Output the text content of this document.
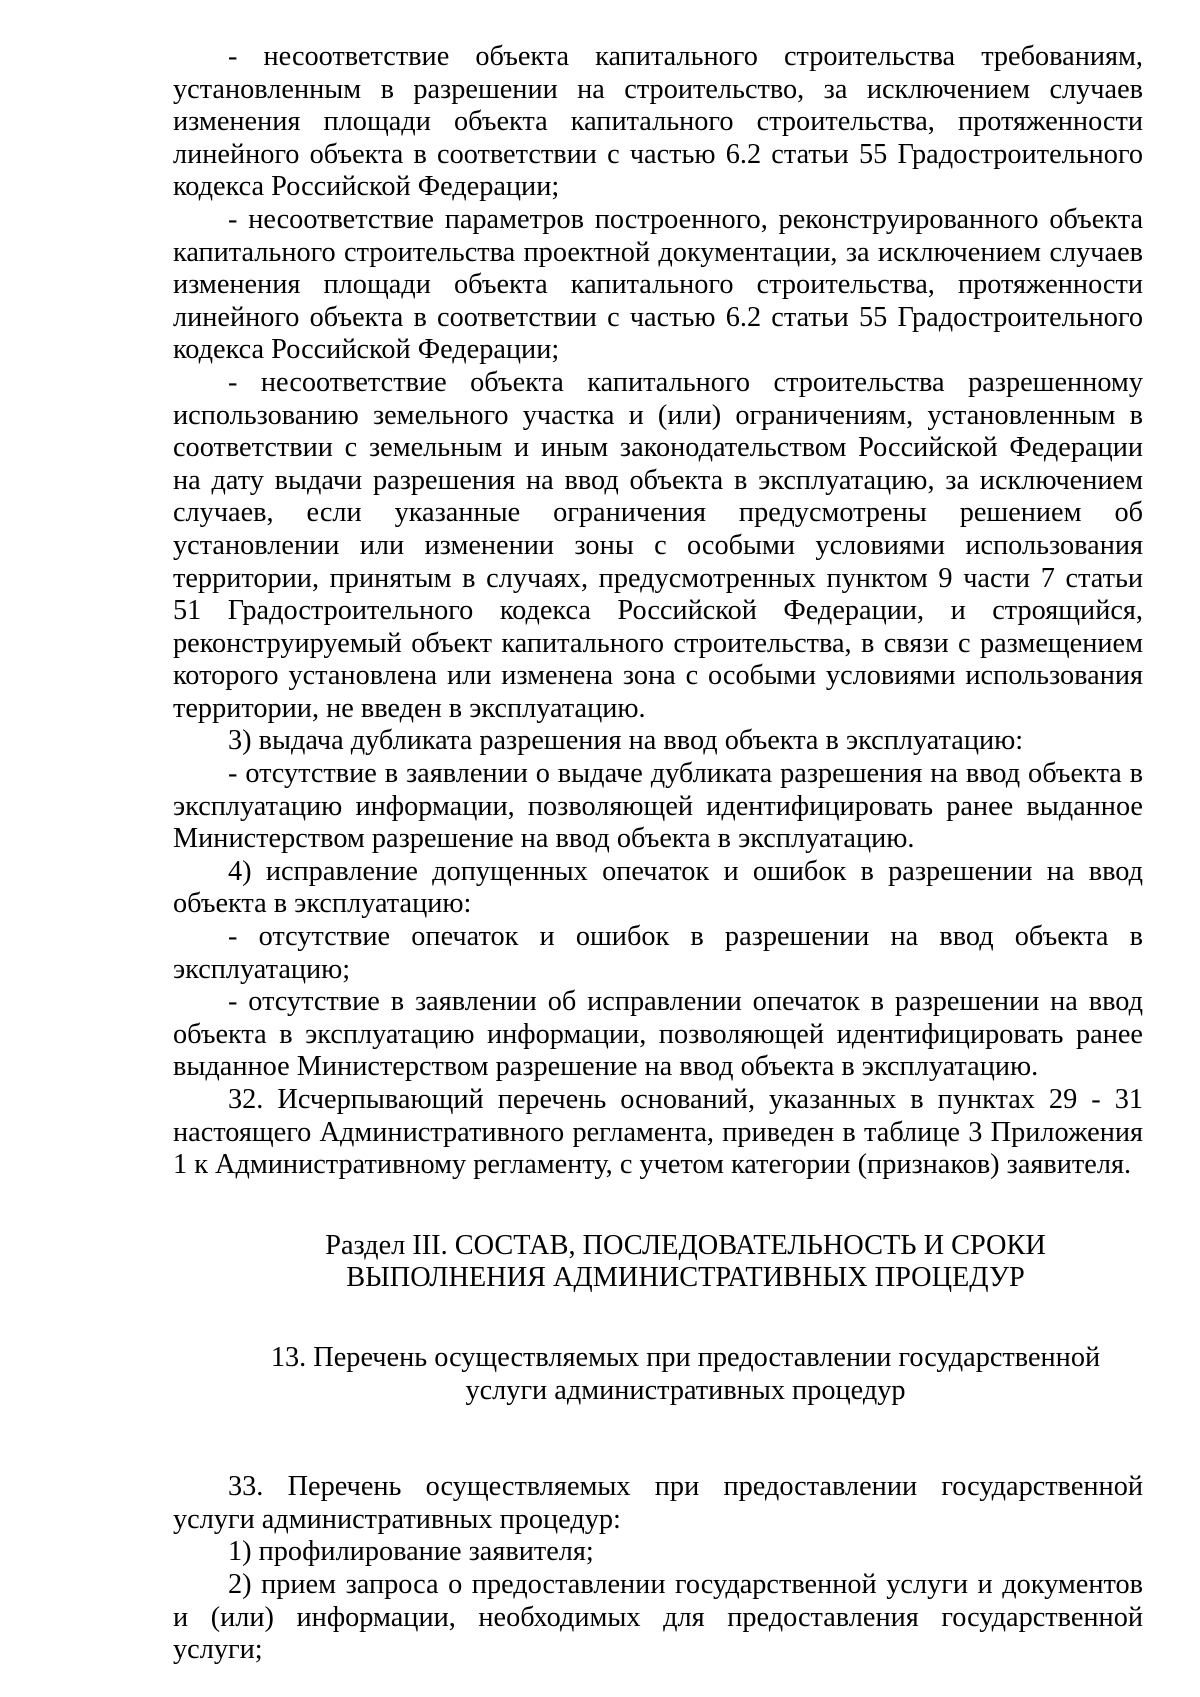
- несоответствие объекта капитального строительства требованиям, установленным в разрешении на строительство, за исключением случаев изменения площади объекта капитального строительства, протяженности линейного объекта в соответствии с частью 6.2 статьи 55 Градостроительного кодекса Российской Федерации;

- несоответствие параметров построенного, реконструированного объекта капитального строительства проектной документации, за исключением случаев изменения площади объекта капитального строительства, протяженности линейного объекта в соответствии с частью 6.2 статьи 55 Градостроительного кодекса Российской Федерации;

- несоответствие объекта капитального строительства разрешенному использованию земельного участка и (или) ограничениям, установленным в соответствии с земельным и иным законодательством Российской Федерации на дату выдачи разрешения на ввод объекта в эксплуатацию, за исключением случаев, если указанные ограничения предусмотрены решением об установлении или изменении зоны с особыми условиями использования территории, принятым в случаях, предусмотренных пунктом 9 части 7 статьи 51 Градостроительного кодекса Российской Федерации, и строящийся, реконструируемый объект капитального строительства, в связи с размещением которого установлена или изменена зона с особыми условиями использования территории, не введен в эксплуатацию.

3) выдача дубликата разрешения на ввод объекта в эксплуатацию:

- отсутствие в заявлении о выдаче дубликата разрешения на ввод объекта в эксплуатацию информации, позволяющей идентифицировать ранее выданное Министерством разрешение на ввод объекта в эксплуатацию.

4) исправление допущенных опечаток и ошибок в разрешении на ввод объекта в эксплуатацию:

- отсутствие опечаток и ошибок в разрешении на ввод объекта в эксплуатацию;

- отсутствие в заявлении об исправлении опечаток в разрешении на ввод объекта в эксплуатацию информации, позволяющей идентифицировать ранее выданное Министерством разрешение на ввод объекта в эксплуатацию.

32. Исчерпывающий перечень оснований, указанных в пунктах 29 - 31 настоящего Административного регламента, приведен в таблице 3 Приложения 1 к Административному регламенту, с учетом категории (признаков) заявителя.

Раздел III. СОСТАВ, ПОСЛЕДОВАТЕЛЬНОСТЬ И СРОКИ
ВЫПОЛНЕНИЯ АДМИНИСТРАТИВНЫХ ПРОЦЕДУР
13. Перечень осуществляемых при предоставлении государственной
услуги административных процедур

33. Перечень осуществляемых при предоставлении государственной услуги административных процедур:

1) профилирование заявителя;

2) прием запроса о предоставлении государственной услуги и документов и (или) информации, необходимых для предоставления государственной услуги;
